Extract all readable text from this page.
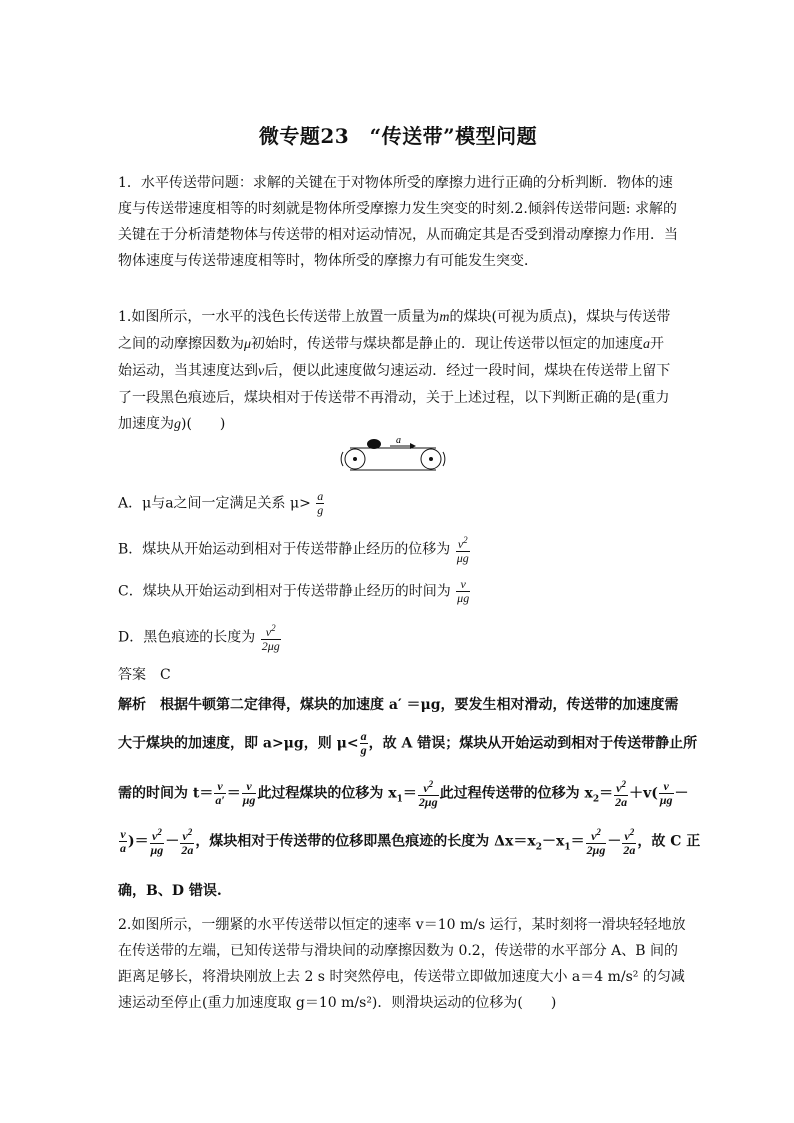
微专题23　“传送带”模型问题
1．水平传送带问题：求解的关键在于对物体所受的摩擦力进行正确的分析判断．物体的速
度与传送带速度相等的时刻就是物体所受摩擦力发生突变的时刻.2.倾斜传送带问题: 求解的
关键在于分析清楚物体与传送带的相对运动情况，从而确定其是否受到滑动摩擦力作用．当
物体速度与传送带速度相等时，物体所受的摩擦力有可能发生突变．
1.如图所示，一水平的浅色长传送带上放置一质量为m的煤块(可视为质点)，煤块与传送带
之间的动摩擦因数为μ初始时，传送带与煤块都是静止的．现让传送带以恒定的加速度a开
始运动，当其速度达到v后，便以此速度做匀速运动．经过一段时间，煤块在传送带上留下
了一段黑色痕迹后，煤块相对于传送带不再滑动，关于上述过程，以下判断正确的是(重力
加速度为g)(　　)
a
A．μ与a之间一定满足关系 $\mu> \frac{a}{g}$
B．煤块从开始运动到相对于传送带静止经历的位移为 $\frac{v^2}{\mu g}$
C．煤块从开始运动到相对于传送带静止经历的时间为 $\frac{v}{\mu g}$
D．黑色痕迹的长度为 $\frac{v^2}{2\mu g}$
答案　C
解析　根据牛顿第二定律得，煤块的加速度 a′ ＝μg，要发生相对滑动，传送带的加速度需
大于煤块的加速度，即 a>μg，则 $\mu< \frac{a}{g}$ ，故 A 错误；煤块从开始运动到相对于传送带静止所
需的时间为 $t= \frac{v}{a'} = \frac{v}{\mu g}$ 此过程煤块的位移为 $x_1= \frac{v^2}{2\mu g}$ 此过程传送带的位移为 $x_2= \frac{v^2}{2a} +v( \frac{v}{\mu g}$ －
$\frac{v}{a}$ )＝ $\frac{v^2}{\mu g} - \frac{v^2}{2a}$ ，煤块相对于传送带的位移即黑色痕迹的长度为 $\Delta x=x_2-x_1= \frac{v^2}{2\mu g} - \frac{v^2}{2a}$ ，故 C 正
确，B、D 错误.
2.如图所示，一绷紧的水平传送带以恒定的速率 v＝10 m/s 运行，某时刻将一滑块轻轻地放
在传送带的左端，已知传送带与滑块间的动摩擦因数为 0.2，传送带的水平部分 A、B 间的
距离足够长，将滑块刚放上去 2 s 时突然停电，传送带立即做加速度大小 a＝4 m/s² 的匀减
速运动至停止(重力加速度取 g＝10 m/s²)．则滑块运动的位移为(　　)
